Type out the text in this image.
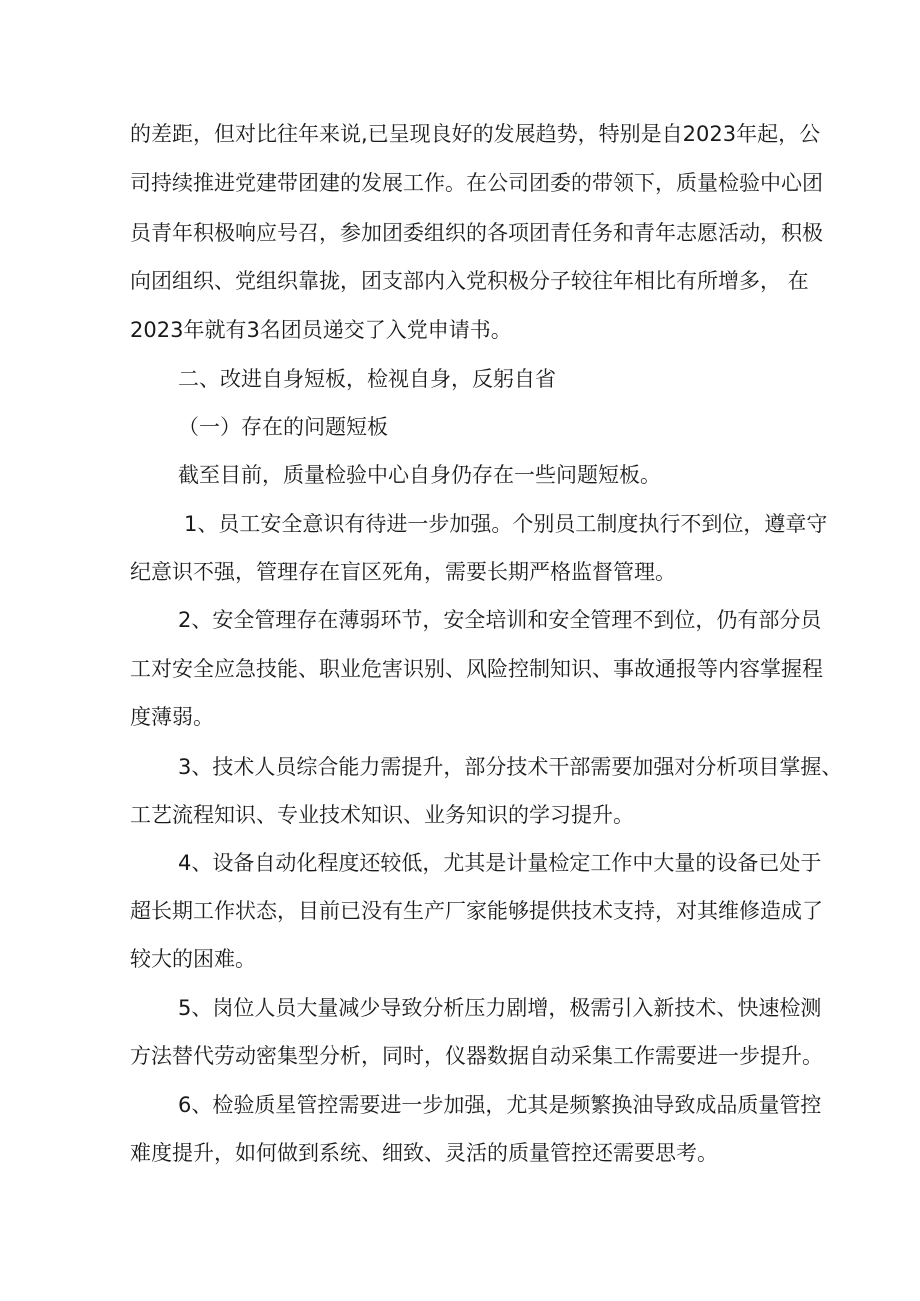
的差距，但对比往年来说,已呈现良好的发展趋势，特别是自2023年起，公
司持续推进党建带团建的发展工作。在公司团委的带领下，质量检验中心团
员青年积极响应号召，参加团委组织的各项团青任务和青年志愿活动，积极
向团组织、党组织靠拢，团支部内入党积极分子较往年相比有所增多， 在
2023年就有3名团员递交了入党申请书。
二、改进自身短板，检视自身，反躬自省
（一）存在的问题短板
截至目前，质量检验中心自身仍存在一些问题短板。
1、员工安全意识有待进一步加强。个别员工制度执行不到位，遵章守
纪意识不强，管理存在盲区死角，需要长期严格监督管理。
2、安全管理存在薄弱环节，安全培训和安全管理不到位，仍有部分员
工对安全应急技能、职业危害识别、风险控制知识、事故通报等内容掌握程
度薄弱。
3、技术人员综合能力需提升，部分技术干部需要加强对分析项目掌握、
工艺流程知识、专业技术知识、业务知识的学习提升。
4、设备自动化程度还较低，尤其是计量检定工作中大量的设备已处于
超长期工作状态，目前已没有生产厂家能够提供技术支持，对其维修造成了
较大的困难。
5、岗位人员大量减少导致分析压力剧增，极需引入新技术、快速检测
方法替代劳动密集型分析，同时，仪器数据自动采集工作需要进一步提升。
6、检验质星管控需要进一步加强，尤其是频繁换油导致成品质量管控
难度提升，如何做到系统、细致、灵活的质量管控还需要思考。
